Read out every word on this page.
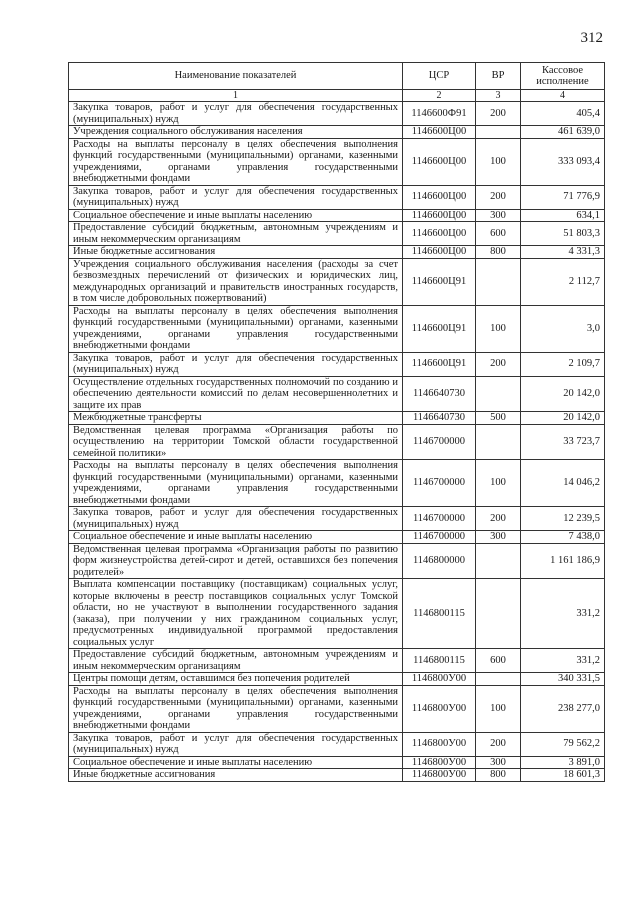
312
Наименование показателей	ЦСР	ВР	Кассовое исполнение
1	2	3	4
Закупка товаров, работ и услуг для обеспечения государственных (муниципальных) нужд	1146600Ф91	200	405,4
Учреждения социального обслуживания населения	1146600Ц00		461 639,0
Расходы на выплаты персоналу в целях обеспечения выполнения функций государственными (муниципальными) органами, казенными учреждениями, органами управления государственными внебюджетными фондами	1146600Ц00	100	333 093,4
Закупка товаров, работ и услуг для обеспечения государственных (муниципальных) нужд	1146600Ц00	200	71 776,9
Социальное обеспечение и иные выплаты населению	1146600Ц00	300	634,1
Предоставление субсидий бюджетным, автономным учреждениям и иным некоммерческим организациям	1146600Ц00	600	51 803,3
Иные бюджетные ассигнования	1146600Ц00	800	4 331,3
Учреждения социального обслуживания населения (расходы за счет безвозмездных перечислений от физических и юридических лиц, международных организаций и правительств иностранных государств, в том числе добровольных пожертвований)	1146600Ц91		2 112,7
Расходы на выплаты персоналу в целях обеспечения выполнения функций государственными (муниципальными) органами, казенными учреждениями, органами управления государственными внебюджетными фондами	1146600Ц91	100	3,0
Закупка товаров, работ и услуг для обеспечения государственных (муниципальных) нужд	1146600Ц91	200	2 109,7
Осуществление отдельных государственных полномочий по созданию и обеспечению деятельности комиссий по делам несовершеннолетних и защите их прав	1146640730		20 142,0
Межбюджетные трансферты	1146640730	500	20 142,0
Ведомственная целевая программа «Организация работы по осуществлению на территории Томской области государственной семейной политики»	1146700000		33 723,7
Расходы на выплаты персоналу в целях обеспечения выполнения функций государственными (муниципальными) органами, казенными учреждениями, органами управления государственными внебюджетными фондами	1146700000	100	14 046,2
Закупка товаров, работ и услуг для обеспечения государственных (муниципальных) нужд	1146700000	200	12 239,5
Социальное обеспечение и иные выплаты населению	1146700000	300	7 438,0
Ведомственная целевая программа «Организация работы по развитию форм жизнеустройства детей-сирот и детей, оставшихся без попечения родителей»	1146800000		1 161 186,9
Выплата компенсации поставщику (поставщикам) социальных услуг, которые включены в реестр поставщиков социальных услуг Томской области, но не участвуют в выполнении государственного задания (заказа), при получении у них гражданином социальных услуг, предусмотренных индивидуальной программой предоставления социальных услуг	1146800115		331,2
Предоставление субсидий бюджетным, автономным учреждениям и иным некоммерческим организациям	1146800115	600	331,2
Центры помощи детям, оставшимся без попечения родителей	1146800У00		340 331,5
Расходы на выплаты персоналу в целях обеспечения выполнения функций государственными (муниципальными) органами, казенными учреждениями, органами управления государственными внебюджетными фондами	1146800У00	100	238 277,0
Закупка товаров, работ и услуг для обеспечения государственных (муниципальных) нужд	1146800У00	200	79 562,2
Социальное обеспечение и иные выплаты населению	1146800У00	300	3 891,0
Иные бюджетные ассигнования	1146800У00	800	18 601,3
